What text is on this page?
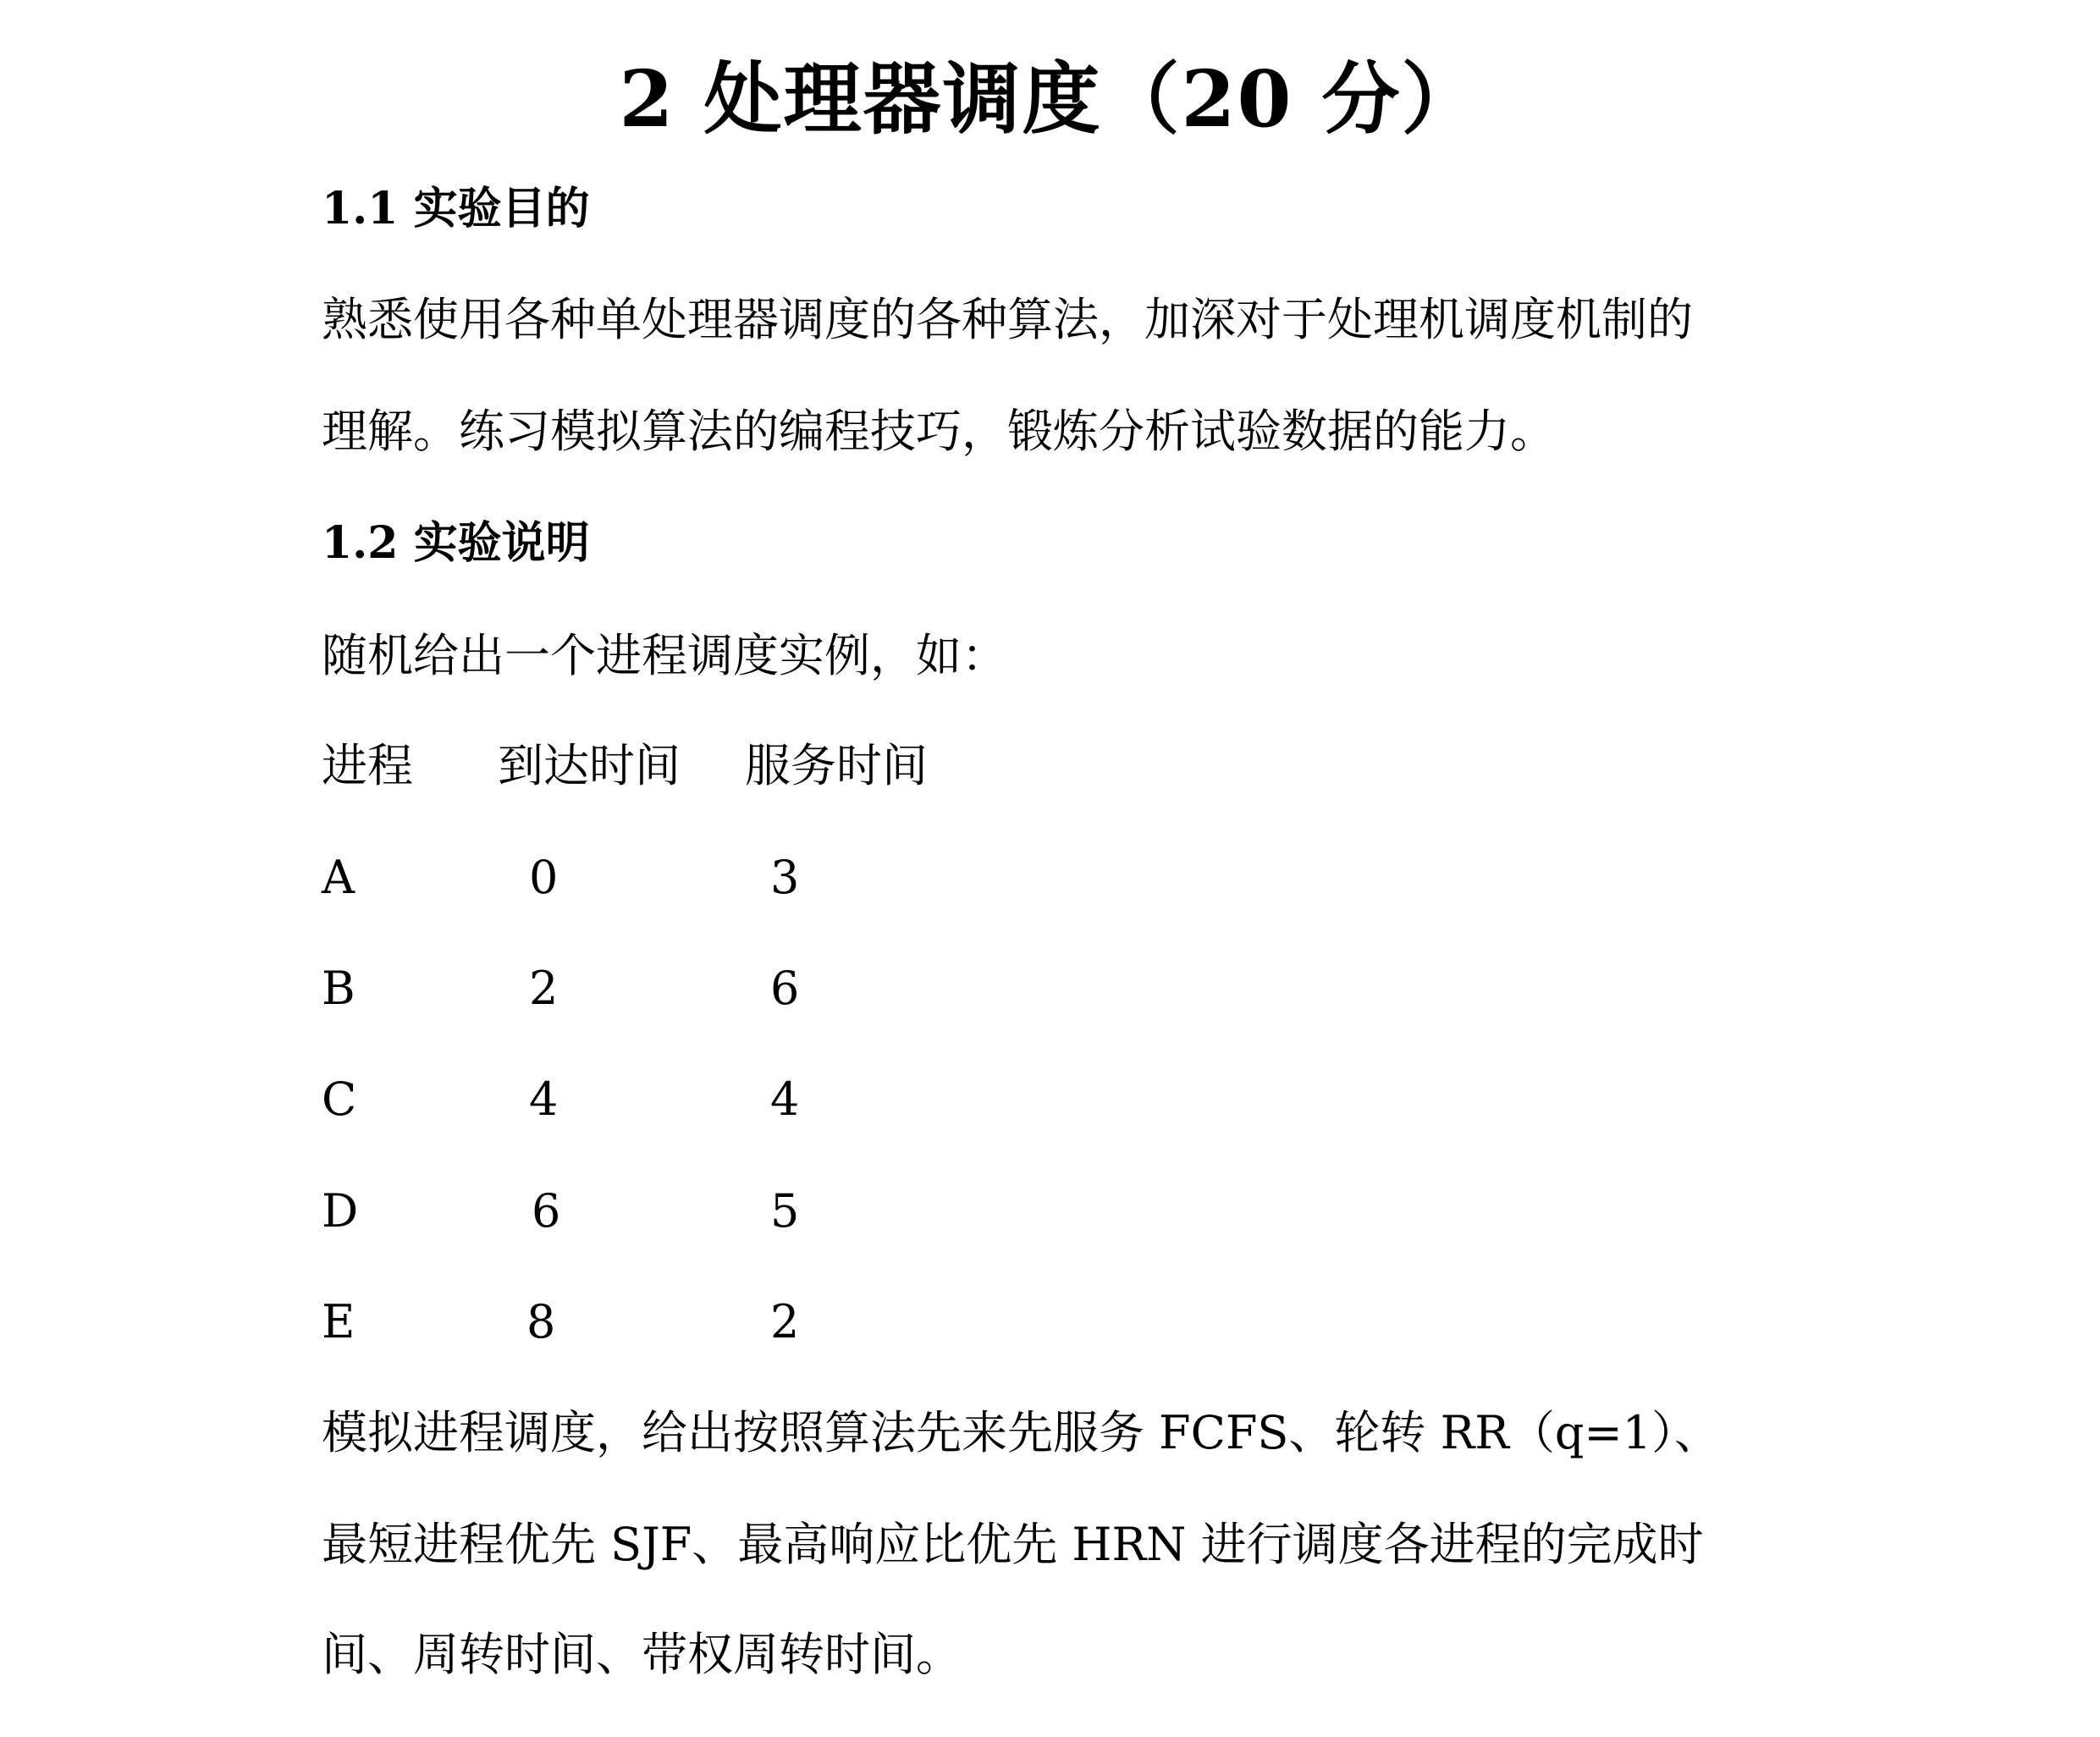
2 处理器调度（20 分）
1.1 实验目的
熟悉使用各种单处理器调度的各种算法，加深对于处理机调度机制的
理解。练习模拟算法的编程技巧，锻炼分析试验数据的能力。
1.2 实验说明
随机给出一个进程调度实例，如：
进程 到达时间 服务时间
A	0	3
B	2	6
C	4	4
D	6	5
E	8	2
模拟进程调度，给出按照算法先来先服务 FCFS、轮转 RR（q=1）、
最短进程优先 SJF、最高响应比优先 HRN 进行调度各进程的完成时
间、周转时间、带权周转时间。
